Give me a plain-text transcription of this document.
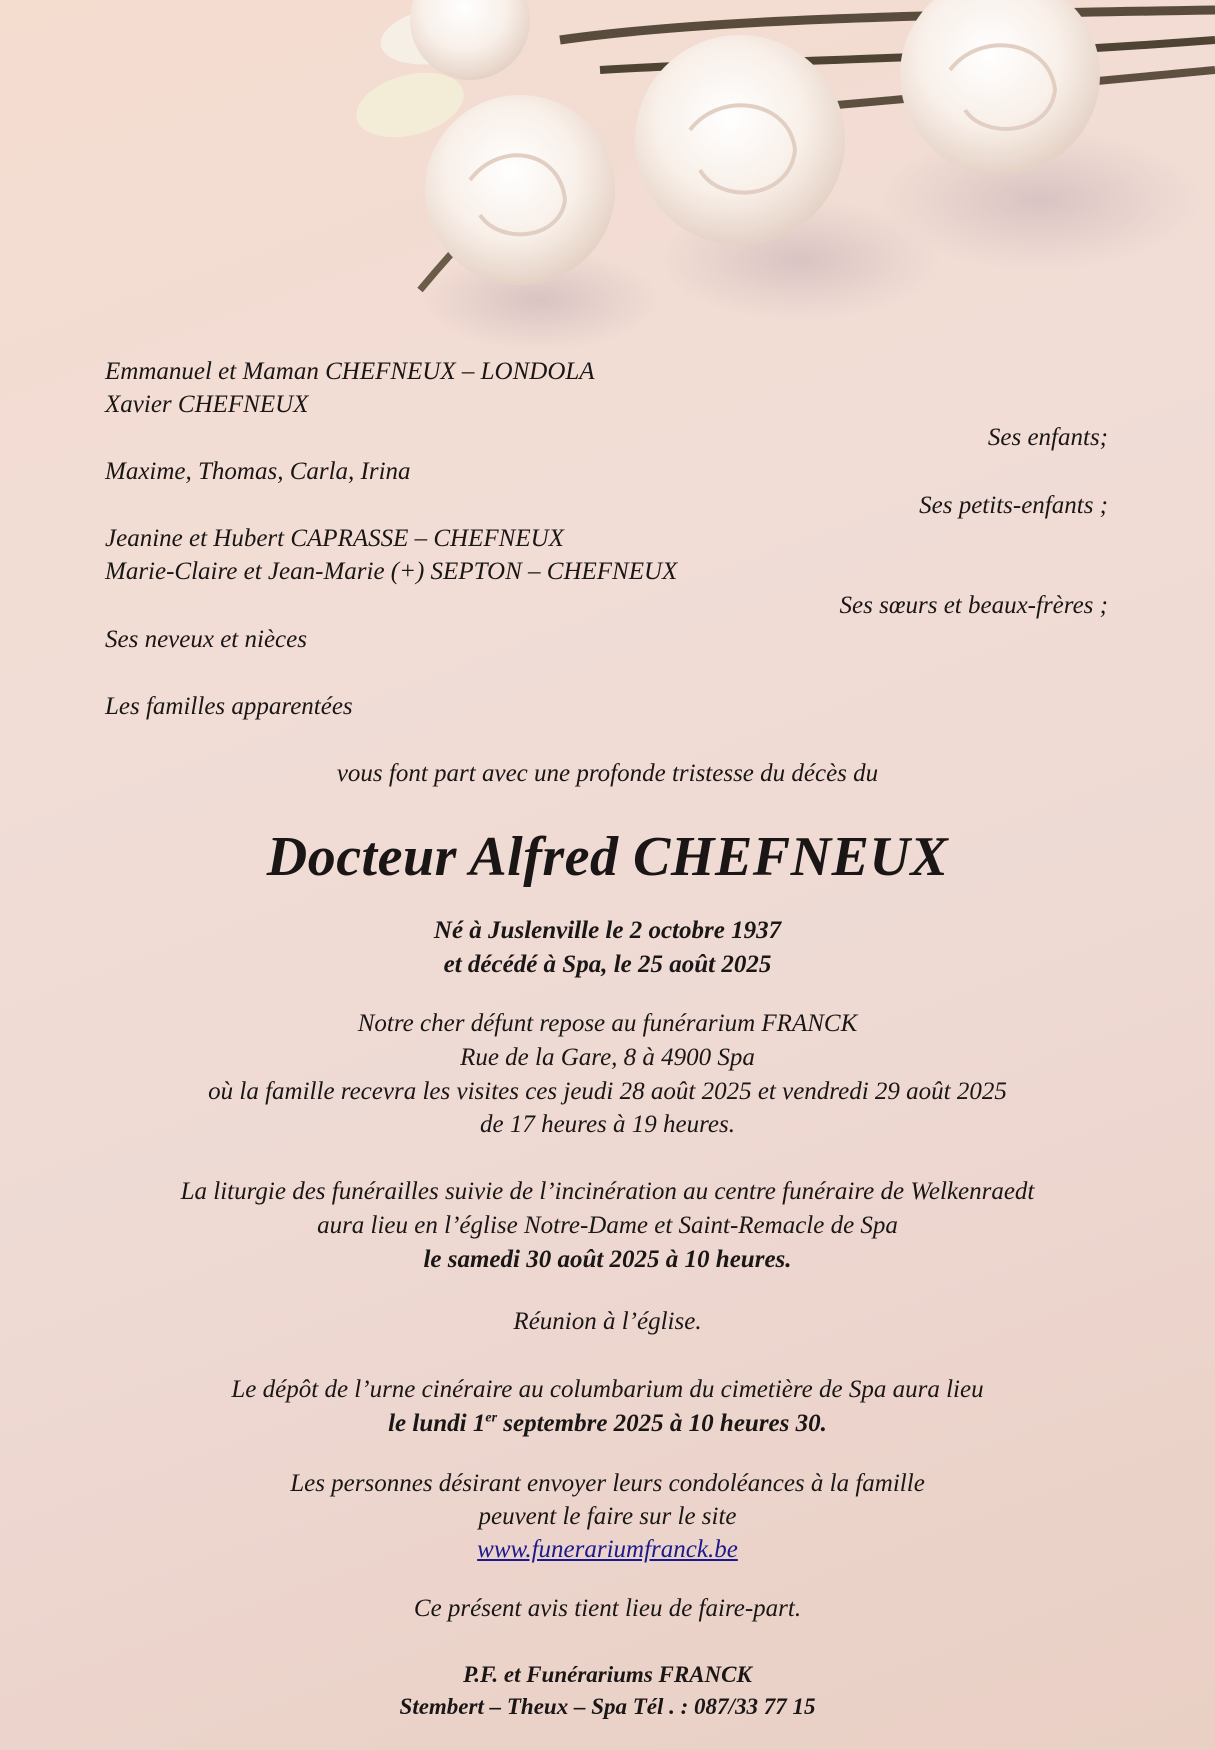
Emmanuel et Maman CHEFNEUX – LONDOLA
Xavier CHEFNEUX
Ses enfants;
Maxime, Thomas, Carla, Irina
Ses petits-enfants ;
Jeanine et Hubert CAPRASSE – CHEFNEUX
Marie-Claire et Jean-Marie (+) SEPTON – CHEFNEUX
Ses sœurs et beaux-frères ;
Ses neveux et nièces
Les familles apparentées
vous font part avec une profonde tristesse du décès du
Docteur Alfred CHEFNEUX
Né à Juslenville le 2 octobre 1937
et décédé à Spa, le 25 août 2025
Notre cher défunt repose au funérarium FRANCK
Rue de la Gare, 8 à 4900 Spa
où la famille recevra les visites ces jeudi 28 août 2025 et vendredi 29 août 2025
de 17 heures à 19 heures.
La liturgie des funérailles suivie de l’incinération au centre funéraire de Welkenraedt
aura lieu en l’église Notre-Dame et Saint-Remacle de Spa
le samedi 30 août 2025 à 10 heures.
Réunion à l’église.
Le dépôt de l’urne cinéraire au columbarium du cimetière de Spa aura lieu
le lundi 1er septembre 2025 à 10 heures 30.
Les personnes désirant envoyer leurs condoléances à la famille
peuvent le faire sur le site
www.funerariumfranck.be
Ce présent avis tient lieu de faire-part.
P.F. et Funérariums FRANCK
Stembert – Theux – Spa Tél . : 087/33 77 15
